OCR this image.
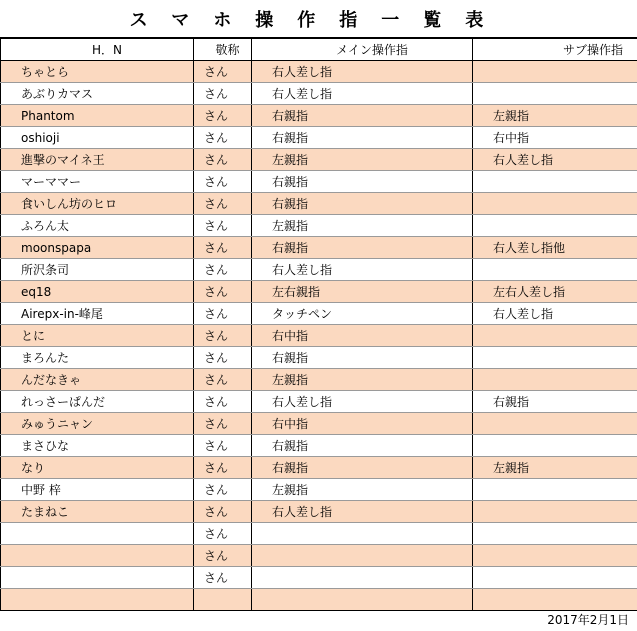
スマホ操作指一覧表
H．N	敬称	メイン操作指	サブ操作指
ちゃとら	さん	右人差し指	
あぶりカマス	さん	右人差し指	
Phantom	さん	右親指	左親指
oshioji	さん	右親指	右中指
進撃のマイネ王	さん	左親指	右人差し指
マーママー	さん	右親指	
食いしん坊のヒロ	さん	右親指	
ふろん太	さん	左親指	
moonspapa	さん	右親指	右人差し指他
所沢条司	さん	右人差し指	
eq18	さん	左右親指	左右人差し指
Airepx-in-峰尾	さん	タッチペン	右人差し指
とに	さん	右中指	
まろんた	さん	右親指	
んだなきゃ	さん	左親指	
れっさーぱんだ	さん	右人差し指	右親指
みゅうニャン	さん	右中指	
まさひな	さん	右親指	
なり	さん	右親指	左親指
中野 梓	さん	左親指	
たまねこ	さん	右人差し指	
	さん		
	さん		
	さん		

2017年2月1日
